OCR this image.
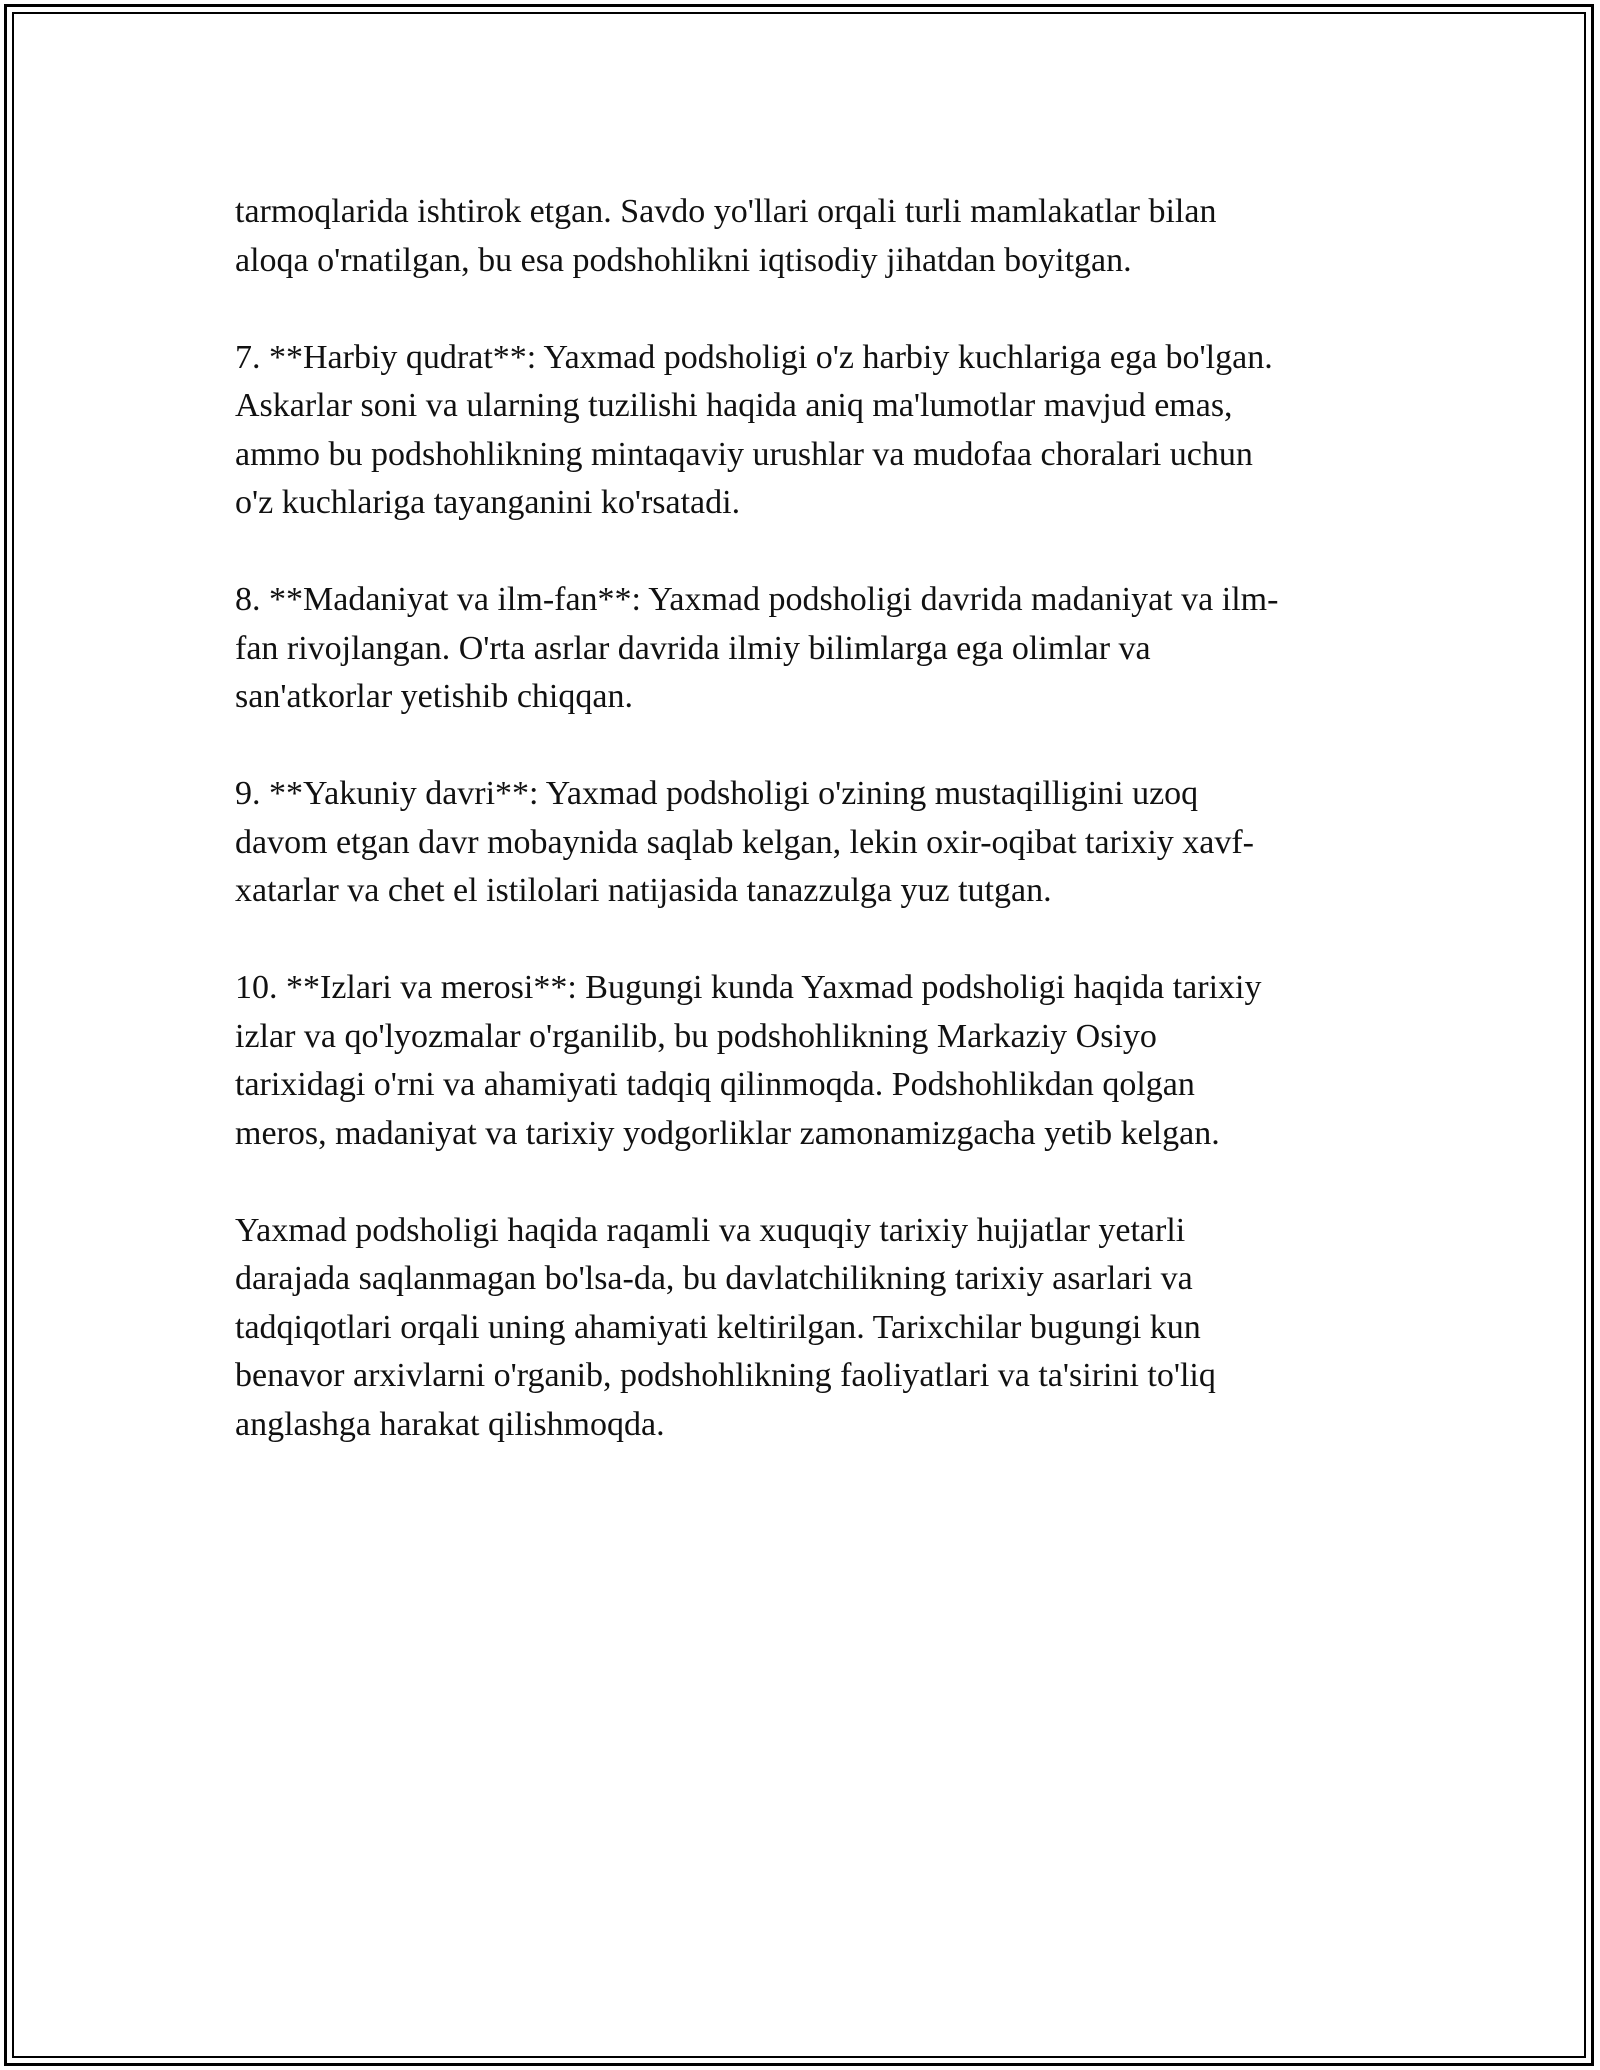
tarmoqlarida ishtirok etgan. Savdo yo'llari orqali turli mamlakatlar bilan
aloqa o'rnatilgan, bu esa podshohlikni iqtisodiy jihatdan boyitgan.

7. **Harbiy qudrat**: Yaxmad podsholigi o'z harbiy kuchlariga ega bo'lgan.
Askarlar soni va ularning tuzilishi haqida aniq ma'lumotlar mavjud emas,
ammo bu podshohlikning mintaqaviy urushlar va mudofaa choralari uchun
o'z kuchlariga tayanganini ko'rsatadi.

8. **Madaniyat va ilm-fan**: Yaxmad podsholigi davrida madaniyat va ilm-
fan rivojlangan. O'rta asrlar davrida ilmiy bilimlarga ega olimlar va
san'atkorlar yetishib chiqqan.

9. **Yakuniy davri**: Yaxmad podsholigi o'zining mustaqilligini uzoq
davom etgan davr mobaynida saqlab kelgan, lekin oxir-oqibat tarixiy xavf-
xatarlar va chet el istilolari natijasida tanazzulga yuz tutgan.

10. **Izlari va merosi**: Bugungi kunda Yaxmad podsholigi haqida tarixiy
izlar va qo'lyozmalar o'rganilib, bu podshohlikning Markaziy Osiyo
tarixidagi o'rni va ahamiyati tadqiq qilinmoqda. Podshohlikdan qolgan
meros, madaniyat va tarixiy yodgorliklar zamonamizgacha yetib kelgan.

Yaxmad podsholigi haqida raqamli va xuquqiy tarixiy hujjatlar yetarli
darajada saqlanmagan bo'lsa-da, bu davlatchilikning tarixiy asarlari va
tadqiqotlari orqali uning ahamiyati keltirilgan. Tarixchilar bugungi kun
benavor arxivlarni o'rganib, podshohlikning faoliyatlari va ta'sirini to'liq
anglashga harakat qilishmoqda.
